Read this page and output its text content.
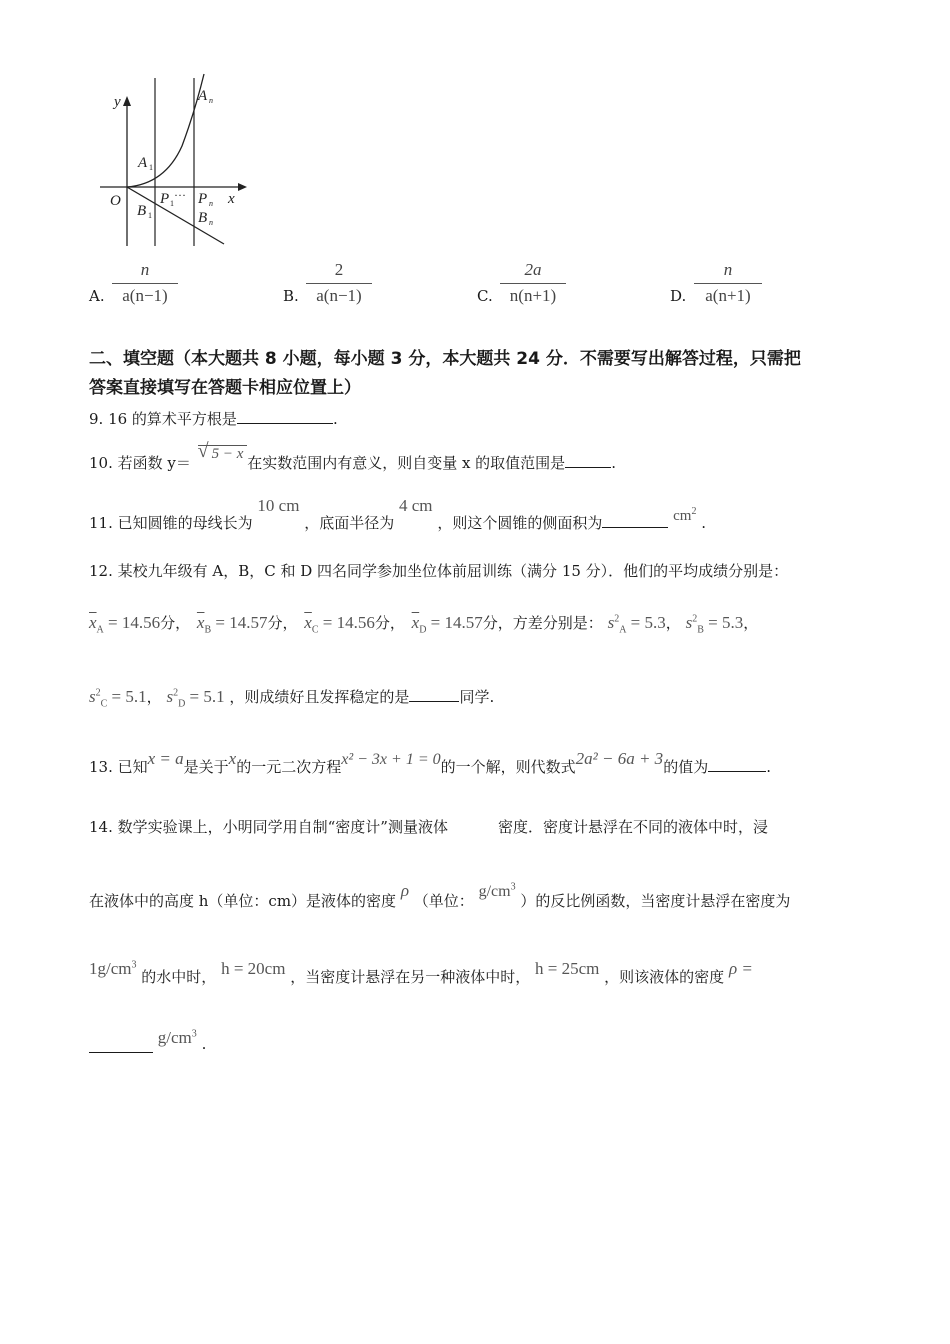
y
x
O
A 1
A n
B 1
P 1
··· P n
B n
A.
n
a(n−1)	B.
2
a(n−1)	C.
2a
n(n+1)	D.
n
a(n+1)
二、填空题（本大题共 8 小题，每小题 3 分，本大题共 24 分．不需要写出解答过程，只需把
答案直接填写在答题卡相应位置上）
9. 16 的算术平方根是	.
10. 若函数 y＝
√ 5 − x 在实数范围内有意义，则自变量 x 的取值范围是	.
11. 已知圆锥的母线长为 10 cm ，底面半径为 4 cm ，则这个圆锥的侧面积为	$cm^2$ .
12. 某校九年级有 A，B，C 和 D 四名同学参加坐位体前屈训练（满分 15 分）．他们的平均成绩分别是：
$\overline{x}_A = 14.56$分， $\overline{x}_B = 14.57$分， $\overline{x}_C = 14.56$分， $\overline{x}_D = 14.57$分，方差分别是： $s^2_A = 5.3$， $s^2_B = 5.3$，
$s^2_C = 5.1$， $s^2_D = 5.1$ ，则成绩好且发挥稳定的是	同学.
13. 已知x = a是关于x的一元二次方程x² − 3x + 1 = 0的一个解，则代数式2a² − 6a + 3的值为	.
14. 数学实验课上，小明同学用自制“密度计”测量液体	密度．密度计悬浮在不同的液体中时，浸
在液体中的高度 h（单位：cm）是液体的密度 ρ （单位： $g/cm^3$ ）的反比例函数，当密度计悬浮在密度为
$1g/cm^3$ 的水中时， h = 20cm ，当密度计悬浮在另一种液体中时， h = 25cm ，则该液体的密度 ρ =
$g/cm^3$ .
